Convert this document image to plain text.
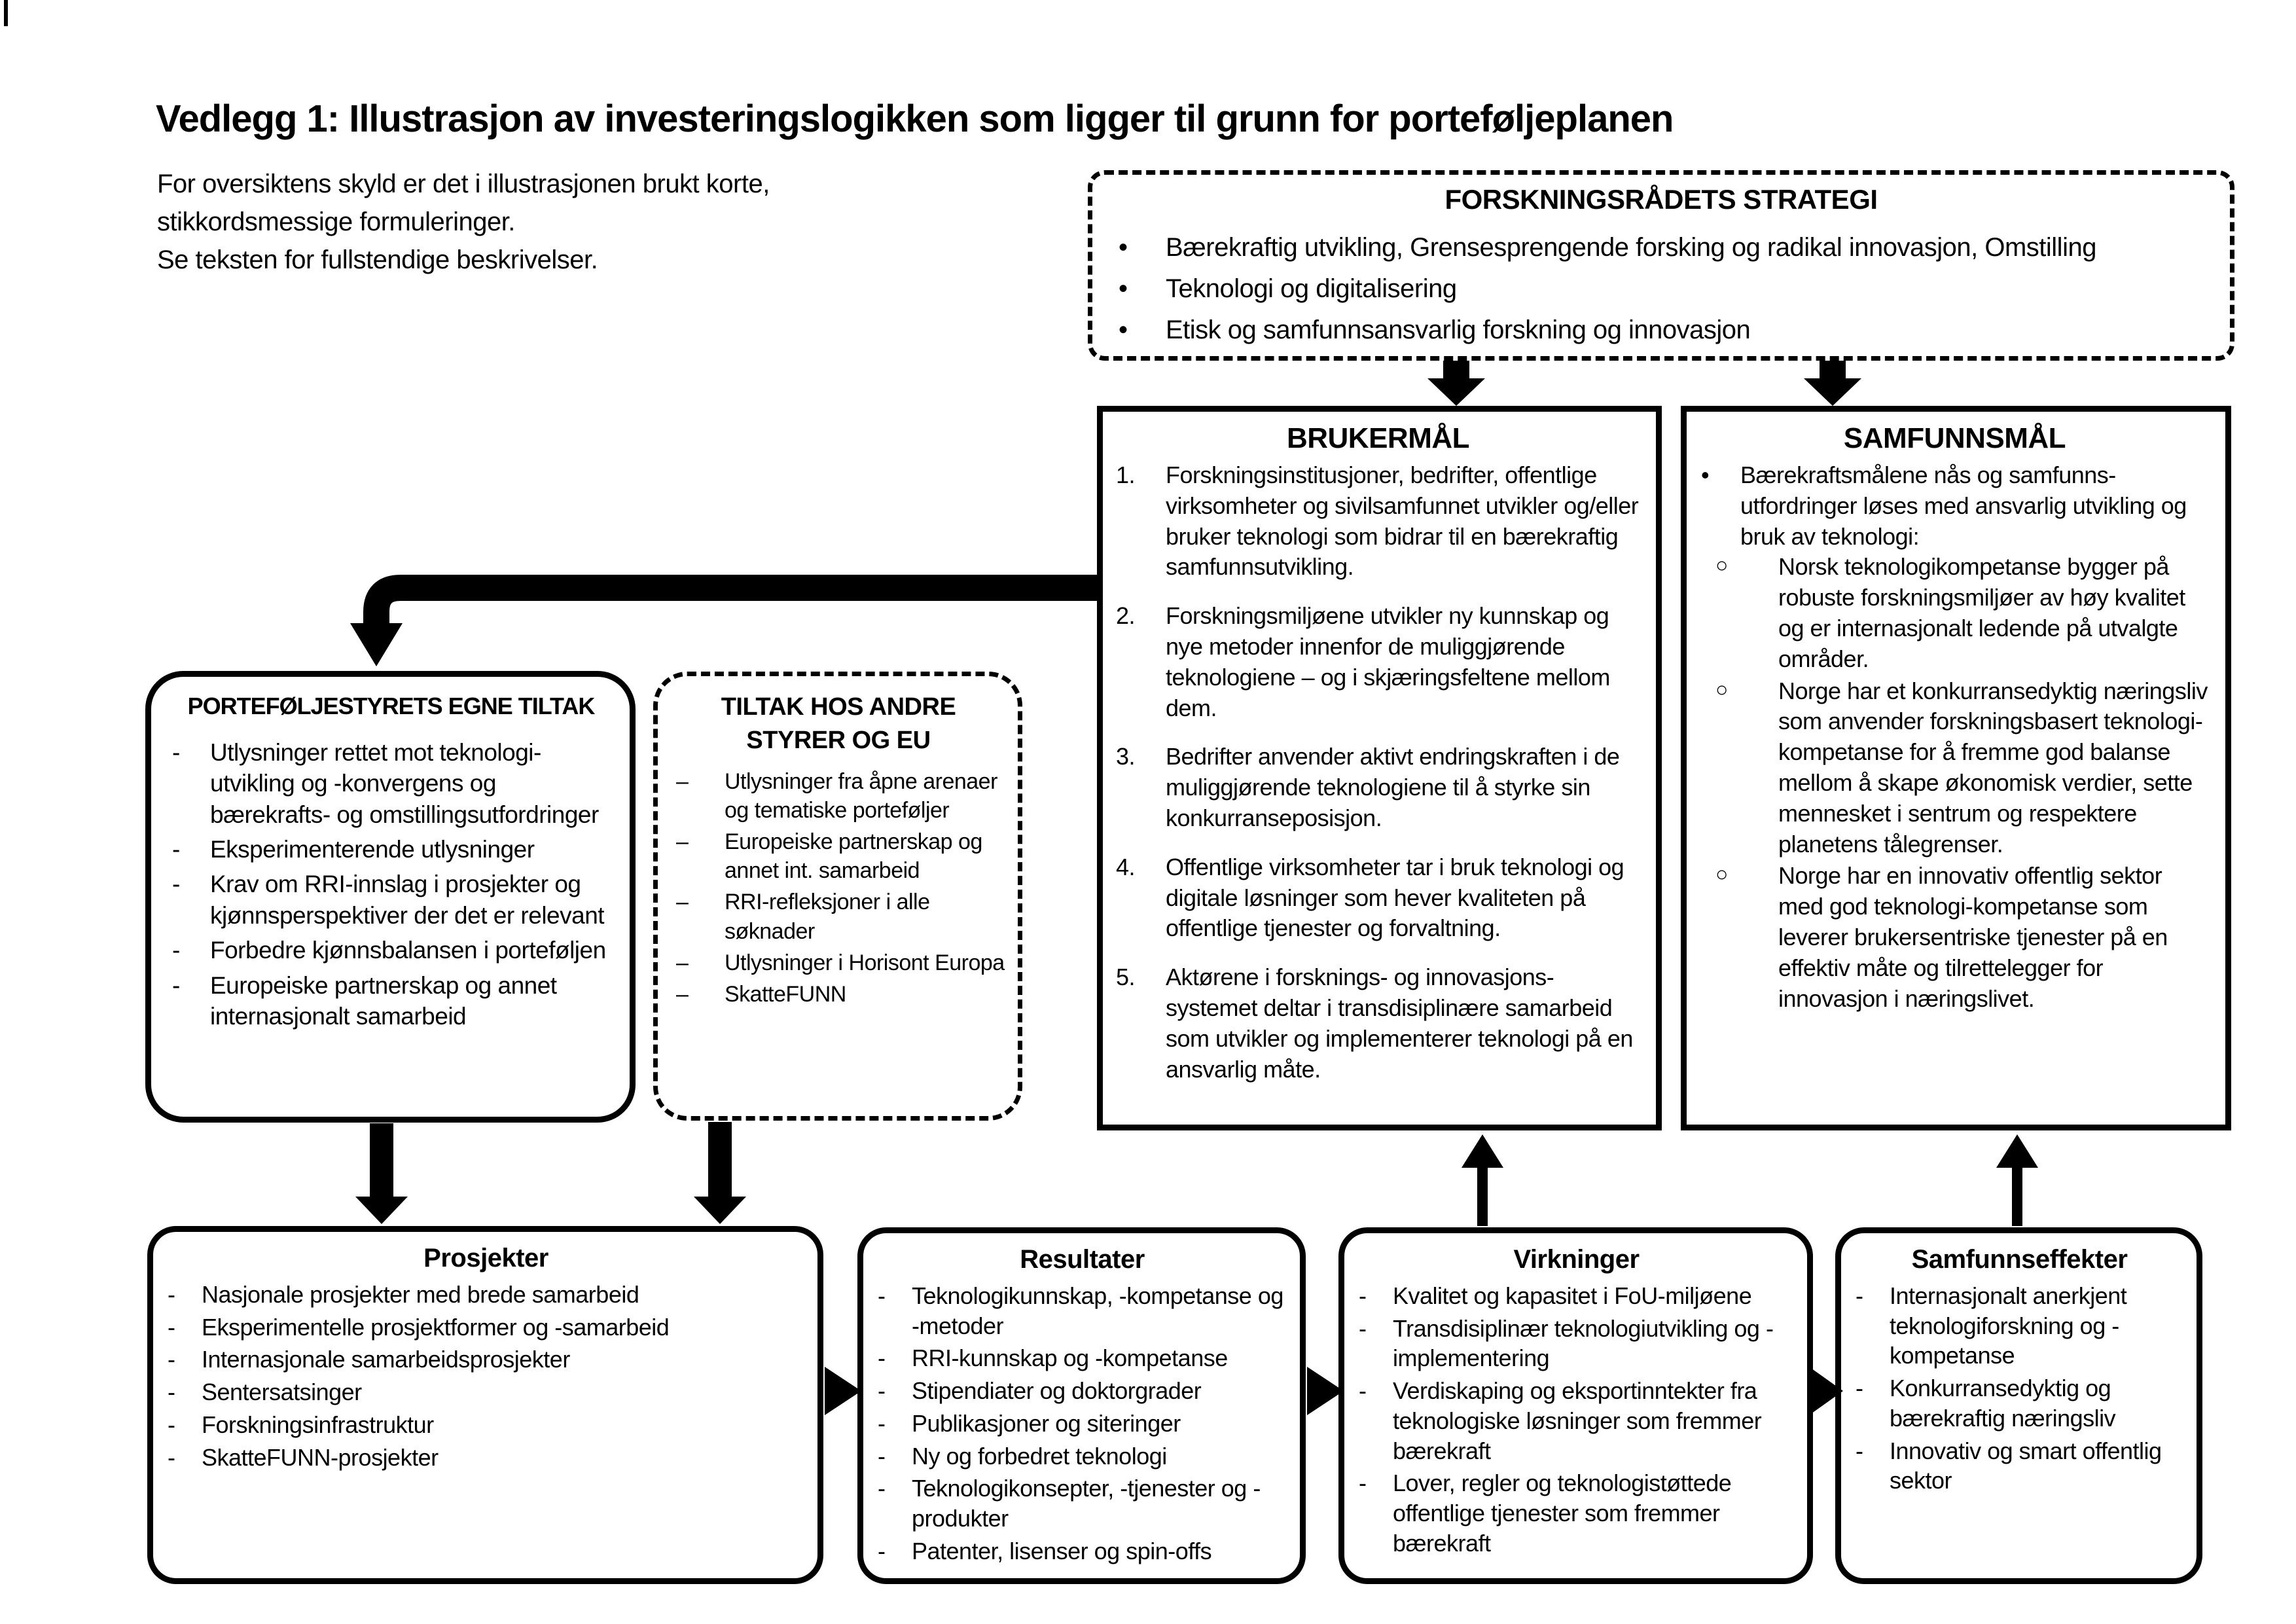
Vedlegg 1: Illustrasjon av investeringslogikken som ligger til grunn for porteføljeplanen
For oversiktens skyld er det i illustrasjonen brukt korte,
stikkordsmessige formuleringer.
Se teksten for fullstendige beskrivelser.
FORSKNINGSRÅDETS STRATEGI
•	Bærekraftig utvikling, Grensesprengende forsking og radikal innovasjon, Omstilling
•	Teknologi og digitalisering
•	Etisk og samfunnsansvarlig forskning og innovasjon
BRUKERMÅL
1.	Forskningsinstitusjoner, bedrifter, offentlige virksomheter og sivilsamfunnet utvikler og/eller bruker teknologi som bidrar til en bærekraftig samfunnsutvikling.
2.	Forskningsmiljøene utvikler ny kunnskap og nye metoder innenfor de muliggjørende teknologiene – og i skjæringsfeltene mellom dem.
3.	Bedrifter anvender aktivt endringskraften i de muliggjørende teknologiene til å styrke sin konkurranseposisjon.
4.	Offentlige virksomheter tar i bruk teknologi og digitale løsninger som hever kvaliteten på offentlige tjenester og forvaltning.
5.	Aktørene i forsknings- og innovasjons-systemet deltar i transdisiplinære samarbeid som utvikler og implementerer teknologi på en ansvarlig måte.
SAMFUNNSMÅL
•	Bærekraftsmålene nås og samfunns-utfordringer løses med ansvarlig utvikling og bruk av teknologi:
○	Norsk teknologikompetanse bygger på robuste forskningsmiljøer av høy kvalitet og er internasjonalt ledende på utvalgte områder.
○	Norge har et konkurransedyktig næringsliv som anvender forskningsbasert teknologi-kompetanse for å fremme god balanse mellom å skape økonomisk verdier, sette mennesket i sentrum og respektere planetens tålegrenser.
○	Norge har en innovativ offentlig sektor med god teknologi-kompetanse som leverer brukersentriske tjenester på en effektiv måte og tilrettelegger for innovasjon i næringslivet.
PORTEFØLJESTYRETS EGNE TILTAK
-	Utlysninger rettet mot teknologi-utvikling og -konvergens og bærekrafts- og omstillingsutfordringer
-	Eksperimenterende utlysninger
-	Krav om RRI-innslag i prosjekter og kjønnsperspektiver der det er relevant
-	Forbedre kjønnsbalansen i porteføljen
-	Europeiske partnerskap og annet internasjonalt samarbeid
TILTAK HOS ANDRE
STYRER OG EU
–	Utlysninger fra åpne arenaer og tematiske porteføljer
–	Europeiske partnerskap og annet int. samarbeid
–	RRI-refleksjoner i alle søknader
–	Utlysninger i Horisont Europa
–	SkatteFUNN
Prosjekter
-	Nasjonale prosjekter med brede samarbeid
-	Eksperimentelle prosjektformer og -samarbeid
-	Internasjonale samarbeidsprosjekter
-	Sentersatsinger
-	Forskningsinfrastruktur
-	SkatteFUNN-prosjekter
Resultater
-	Teknologikunnskap, -kompetanse og -metoder
-	RRI-kunnskap og -kompetanse
-	Stipendiater og doktorgrader
-	Publikasjoner og siteringer
-	Ny og forbedret teknologi
-	Teknologikonsepter, -tjenester og -produkter
-	Patenter, lisenser og spin-offs
Virkninger
-	Kvalitet og kapasitet i FoU-miljøene
-	Transdisiplinær teknologiutvikling og -implementering
-	Verdiskaping og eksportinntekter fra teknologiske løsninger som fremmer bærekraft
-	Lover, regler og teknologistøttede offentlige tjenester som fremmer bærekraft
Samfunnseffekter
-	Internasjonalt anerkjent teknologiforskning og -kompetanse
-	Konkurransedyktig og bærekraftig næringsliv
-	Innovativ og smart offentlig sektor
